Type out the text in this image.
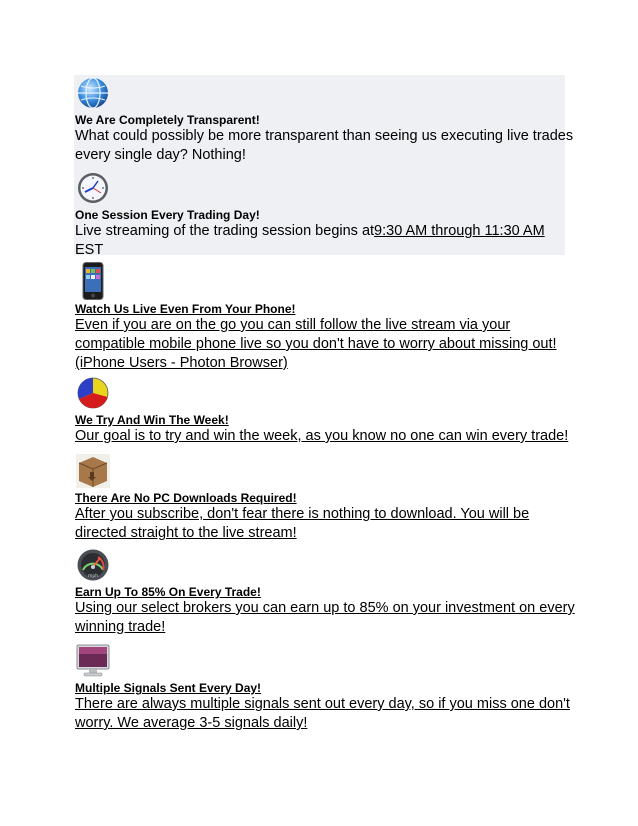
We Are Completely Transparent!
What could possibly be more transparent than seeing us executing live trades
every single day? Nothing!
One Session Every Trading Day!
Live streaming of the trading session begins at9:30 AM through 11:30 AM
EST
Watch Us Live Even From Your Phone!
Even if you are on the go you can still follow the live stream via your
compatible mobile phone live so you don't have to worry about missing out!
(iPhone Users - Photon Browser)
We Try And Win The Week!
Our goal is to try and win the week, as you know no one can win every trade!
There Are No PC Downloads Required!
After you subscribe, don't fear there is nothing to download. You will be
directed straight to the live stream!
mph
Earn Up To 85% On Every Trade!
Using our select brokers you can earn up to 85% on your investment on every
winning trade!
Multiple Signals Sent Every Day!
There are always multiple signals sent out every day, so if you miss one don't
worry. We average 3-5 signals daily!
